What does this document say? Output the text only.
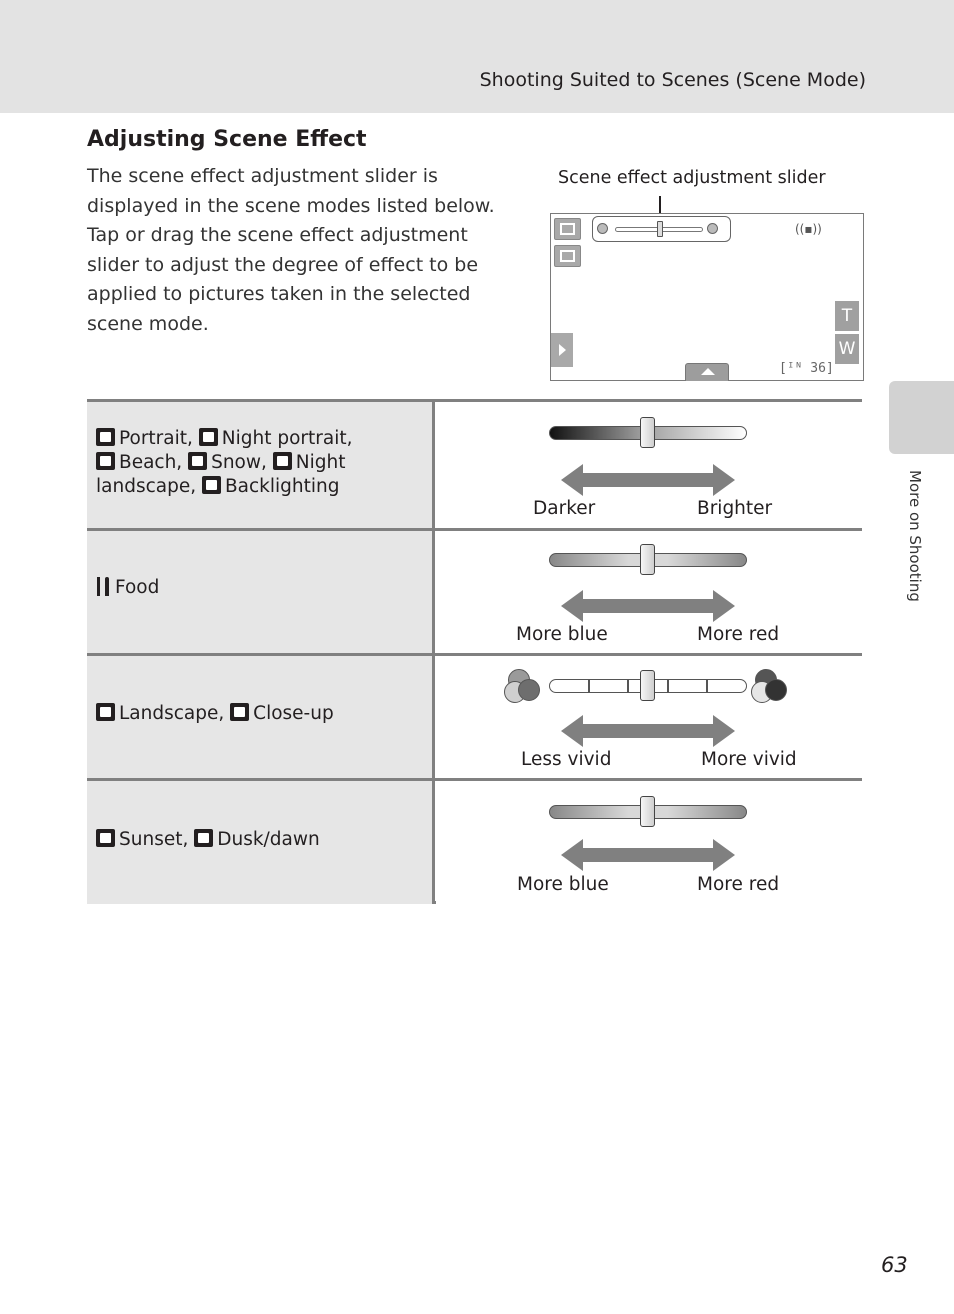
Shooting Suited to Scenes (Scene Mode)
More on Shooting
Adjusting Scene Effect
The scene effect adjustment slider is displayed in the scene modes listed below. Tap or drag the scene effect adjustment slider to adjust the degree of effect to be applied to pictures taken in the selected scene mode.
Scene effect adjustment slider
((▪))
T
W
[ᴵᴺ 36]
Portrait, Night portrait,
Beach, Snow, Night landscape, Backlighting
Darker	Brighter
Food
More blue	More red
Landscape, Close-up
Less vivid	More vivid
Sunset, Dusk/dawn
More blue	More red
63
